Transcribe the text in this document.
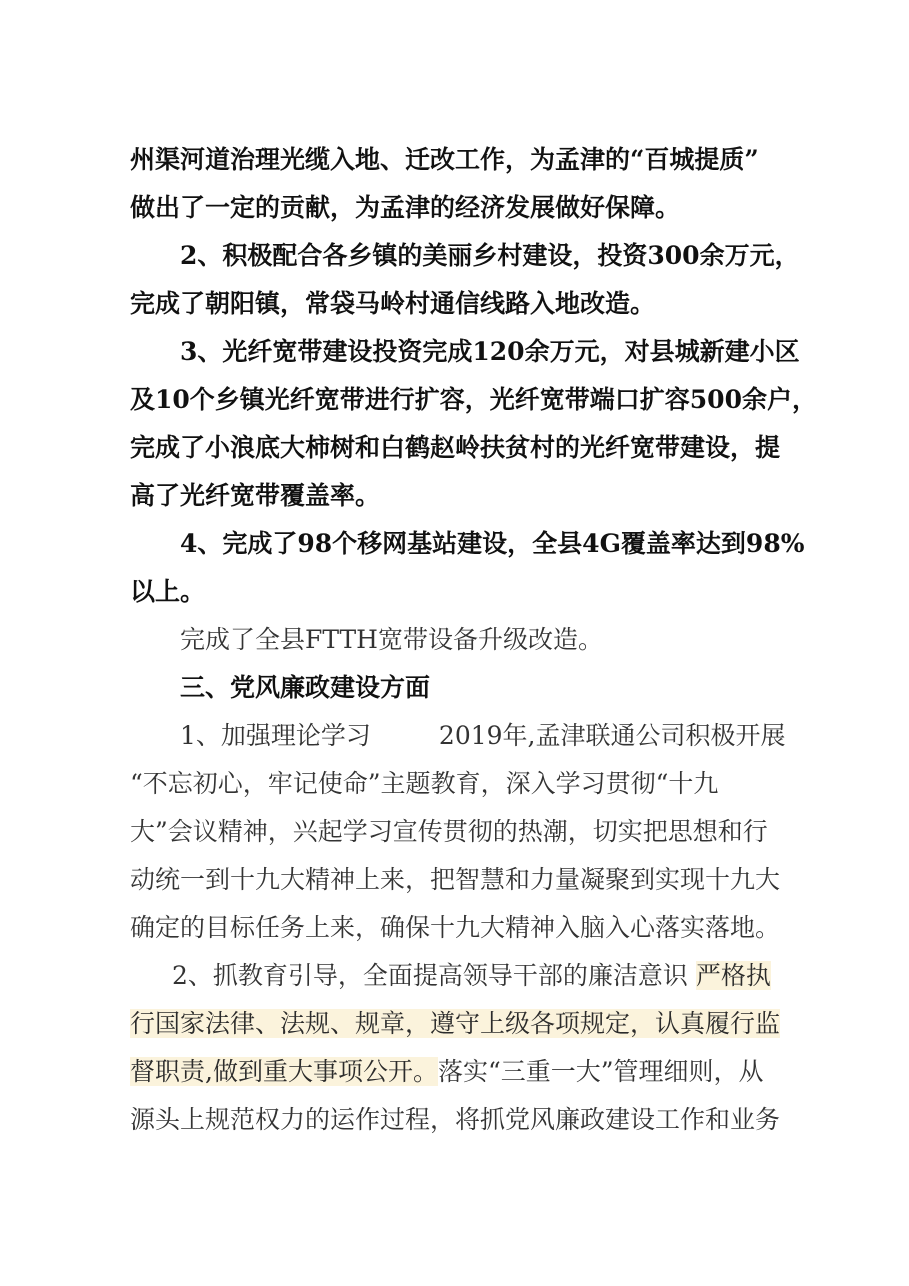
州渠河道治理光缆入地、迁改工作，为孟津的“百城提质”
做出了一定的贡献，为孟津的经济发展做好保障。
2、积极配合各乡镇的美丽乡村建设，投资300余万元，
完成了朝阳镇，常袋马岭村通信线路入地改造。
3、光纤宽带建设投资完成120余万元，对县城新建小区
及10个乡镇光纤宽带进行扩容，光纤宽带端口扩容500余户，
完成了小浪底大柿树和白鹤赵岭扶贫村的光纤宽带建设，提
高了光纤宽带覆盖率。
4、完成了98个移网基站建设，全县4G覆盖率达到98%
以上。
完成了全县FTTH宽带设备升级改造。
三、党风廉政建设方面
1、加强理论学习	2019年,孟津联通公司积极开展
“不忘初心，牢记使命”主题教育，深入学习贯彻“十九
大”会议精神，兴起学习宣传贯彻的热潮，切实把思想和行
动统一到十九大精神上来，把智慧和力量凝聚到实现十九大
确定的目标任务上来，确保十九大精神入脑入心落实落地。
2、抓教育引导，全面提高领导干部的廉洁意识 严格执
行国家法律、法规、规章，遵守上级各项规定，认真履行监
督职责,做到重大事项公开。落实“三重一大”管理细则，从
源头上规范权力的运作过程，将抓党风廉政建设工作和业务
